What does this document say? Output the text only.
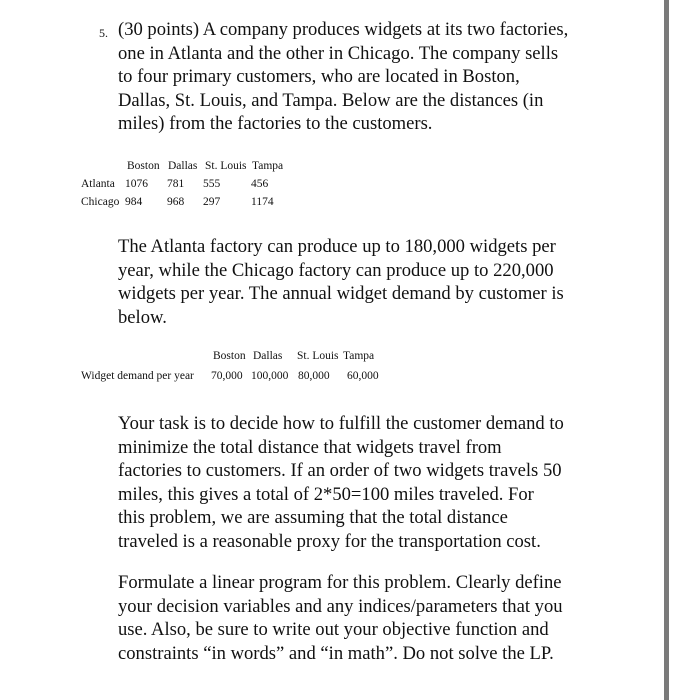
5. (30 points) A company produces widgets at its two factories,
one in Atlanta and the other in Chicago. The company sells
to four primary customers, who are located in Boston,
Dallas, St. Louis, and Tampa. Below are the distances (in
miles) from the factories to the customers.
Boston Dallas St. Louis Tampa
Atlanta 1076 781 555	456
Chicago 984 968 297	1174
The Atlanta factory can produce up to 180,000 widgets per
year, while the Chicago factory can produce up to 220,000
widgets per year. The annual widget demand by customer is
below.
Boston Dallas St. Louis Tampa
Widget demand per year 70,000 100,000 80,000 60,000
Your task is to decide how to fulfill the customer demand to
minimize the total distance that widgets travel from
factories to customers. If an order of two widgets travels 50
miles, this gives a total of 2*50=100 miles traveled. For
this problem, we are assuming that the total distance
traveled is a reasonable proxy for the transportation cost.
Formulate a linear program for this problem. Clearly define
your decision variables and any indices/parameters that you
use. Also, be sure to write out your objective function and
constraints “in words” and “in math”. Do not solve the LP.
